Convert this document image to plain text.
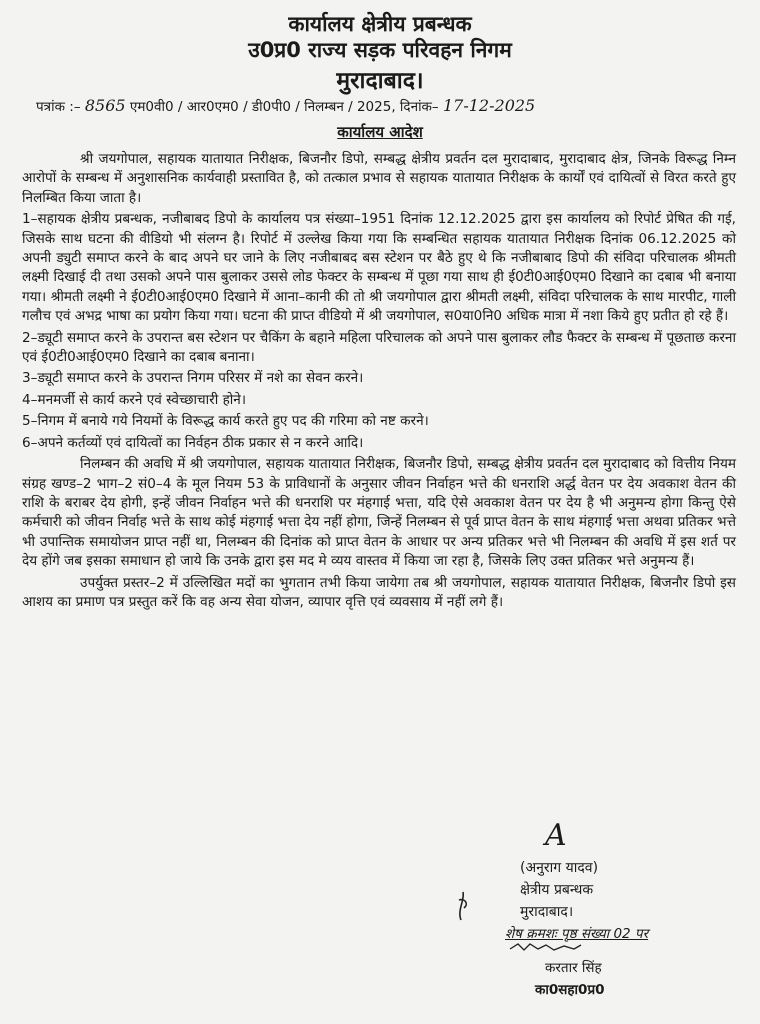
कार्यालय क्षेत्रीय प्रबन्धक
उ0प्र0 राज्य सड़क परिवहन निगम
मुरादाबाद।
पत्रांक :– 8565 एम0वी0 / आर0एम0 / डी0पी0 / निलम्बन / 2025, दिनांक– 17-12-2025
कार्यालय आदेश

श्री जयगोपाल, सहायक यातायात निरीक्षक, बिजनौर डिपो, सम्बद्ध क्षेत्रीय प्रवर्तन दल मुरादाबाद, मुरादाबाद क्षेत्र, जिनके विरूद्ध निम्न आरोपों के सम्बन्ध में अनुशासनिक कार्यवाही प्रस्तावित है, को तत्काल प्रभाव से सहायक यातायात निरीक्षक के कार्यों एवं दायित्वों से विरत करते हुए निलम्बित किया जाता है।

1–सहायक क्षेत्रीय प्रबन्धक, नजीबाबद डिपो के कार्यालय पत्र संख्या–1951 दिनांक 12.12.2025 द्वारा इस कार्यालय को रिपोर्ट प्रेषित की गई, जिसके साथ घटना की वीडियो भी संलग्न है। रिपोर्ट में उल्लेख किया गया कि सम्बन्धित सहायक यातायात निरीक्षक दिनांक 06.12.2025 को अपनी ड्युटी समाप्त करने के बाद अपने घर जाने के लिए नजीबाबद बस स्टेशन पर बैठे हुए थे कि नजीबाबाद डिपो की संविदा परिचालक श्रीमती लक्ष्मी दिखाई दी तथा उसको अपने पास बुलाकर उससे लोड फेक्टर के सम्बन्ध में पूछा गया साथ ही ई0टी0आई0एम0 दिखाने का दबाब भी बनाया गया। श्रीमती लक्ष्मी ने ई0टी0आई0एम0 दिखाने में आना–कानी की तो श्री जयगोपाल द्वारा श्रीमती लक्ष्मी, संविदा परिचालक के साथ मारपीट, गाली गलौच एवं अभद्र भाषा का प्रयोग किया गया। घटना की प्राप्त वीडियो में श्री जयगोपाल, स0या0नि0 अधिक मात्रा में नशा किये हुए प्रतीत हो रहे हैं।

2–ड्यूटी समाप्त करने के उपरान्त बस स्टेशन पर चैकिंग के बहाने महिला परिचालक को अपने पास बुलाकर लौड फैक्टर के सम्बन्ध में पूछताछ करना एवं ई0टी0आई0एम0 दिखाने का दबाब बनाना।

3–ड्यूटी समाप्त करने के उपरान्त निगम परिसर में नशे का सेवन करने।

4–मनमर्जी से कार्य करने एवं स्वेच्छाचारी होने।

5–निगम में बनाये गये नियमों के विरूद्ध कार्य करते हुए पद की गरिमा को नष्ट करने।

6–अपने कर्तव्यों एवं दायित्वों का निर्वहन ठीक प्रकार से न करने आदि।

निलम्बन की अवधि में श्री जयगोपाल, सहायक यातायात निरीक्षक, बिजनौर डिपो, सम्बद्ध क्षेत्रीय प्रवर्तन दल मुरादाबाद को वित्तीय नियम संग्रह खण्ड–2 भाग–2 सं0–4 के मूल नियम 53 के प्राविधानों के अनुसार जीवन निर्वाहन भत्ते की धनराशि अर्द्ध वेतन पर देय अवकाश वेतन की राशि के बराबर देय होगी, इन्हें जीवन निर्वाहन भत्ते की धनराशि पर मंहगाई भत्ता, यदि ऐसे अवकाश वेतन पर देय है भी अनुमन्य होगा किन्तु ऐसे कर्मचारी को जीवन निर्वाह भत्ते के साथ कोई मंहगाई भत्ता देय नहीं होगा, जिन्हें निलम्बन से पूर्व प्राप्त वेतन के साथ मंहगाई भत्ता अथवा प्रतिकर भत्ते भी उपान्तिक समायोजन प्राप्त नहीं था, निलम्बन की दिनांक को प्राप्त वेतन के आधार पर अन्य प्रतिकर भत्ते भी निलम्बन की अवधि में इस शर्त पर देय होंगे जब इसका समाधान हो जाये कि उनके द्वारा इस मद मे व्यय वास्तव में किया जा रहा है, जिसके लिए उक्त प्रतिकर भत्ते अनुमन्य हैं।

उपर्युक्त प्रस्तर–2 में उल्लिखित मदों का भुगतान तभी किया जायेगा तब श्री जयगोपाल, सहायक यातायात निरीक्षक, बिजनौर डिपो इस आशय का प्रमाण पत्र प्रस्तुत करें कि वह अन्य सेवा योजन, व्यापार वृत्ति एवं व्यवसाय में नहीं लगे हैं।

A
(अनुराग यादव)
क्षेत्रीय प्रबन्धक
मुरादाबाद।
शेष क्रमशः पृष्ठ संख्या 02 पर
करतार सिंह
का0सहा0प्र0
